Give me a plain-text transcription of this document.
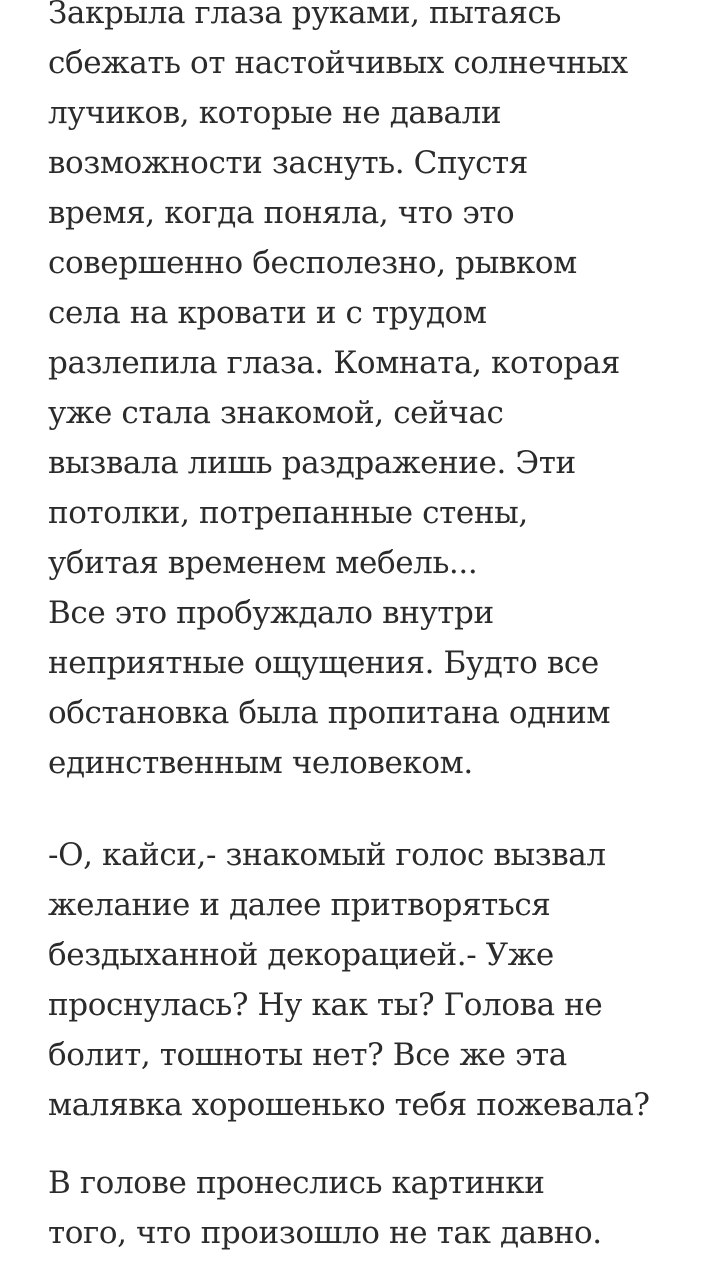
Закрыла глаза руками, пытаясь
сбежать от настойчивых солнечных
лучиков, которые не давали
возможности заснуть. Спустя
время, когда поняла, что это
совершенно бесполезно, рывком
села на кровати и с трудом
разлепила глаза. Комната, которая
уже стала знакомой, сейчас
вызвала лишь раздражение. Эти
потолки, потрепанные стены,
убитая временем мебель...
Все это пробуждало внутри
неприятные ощущения. Будто все
обстановка была пропитана одним
единственным человеком.
-О, кайси,- знакомый голос вызвал
желание и далее притворяться
бездыханной декорацией.- Уже
проснулась? Ну как ты? Голова не
болит, тошноты нет? Все же эта
малявка хорошенько тебя пожевала?
В голове пронеслись картинки
того, что произошло не так давно.
